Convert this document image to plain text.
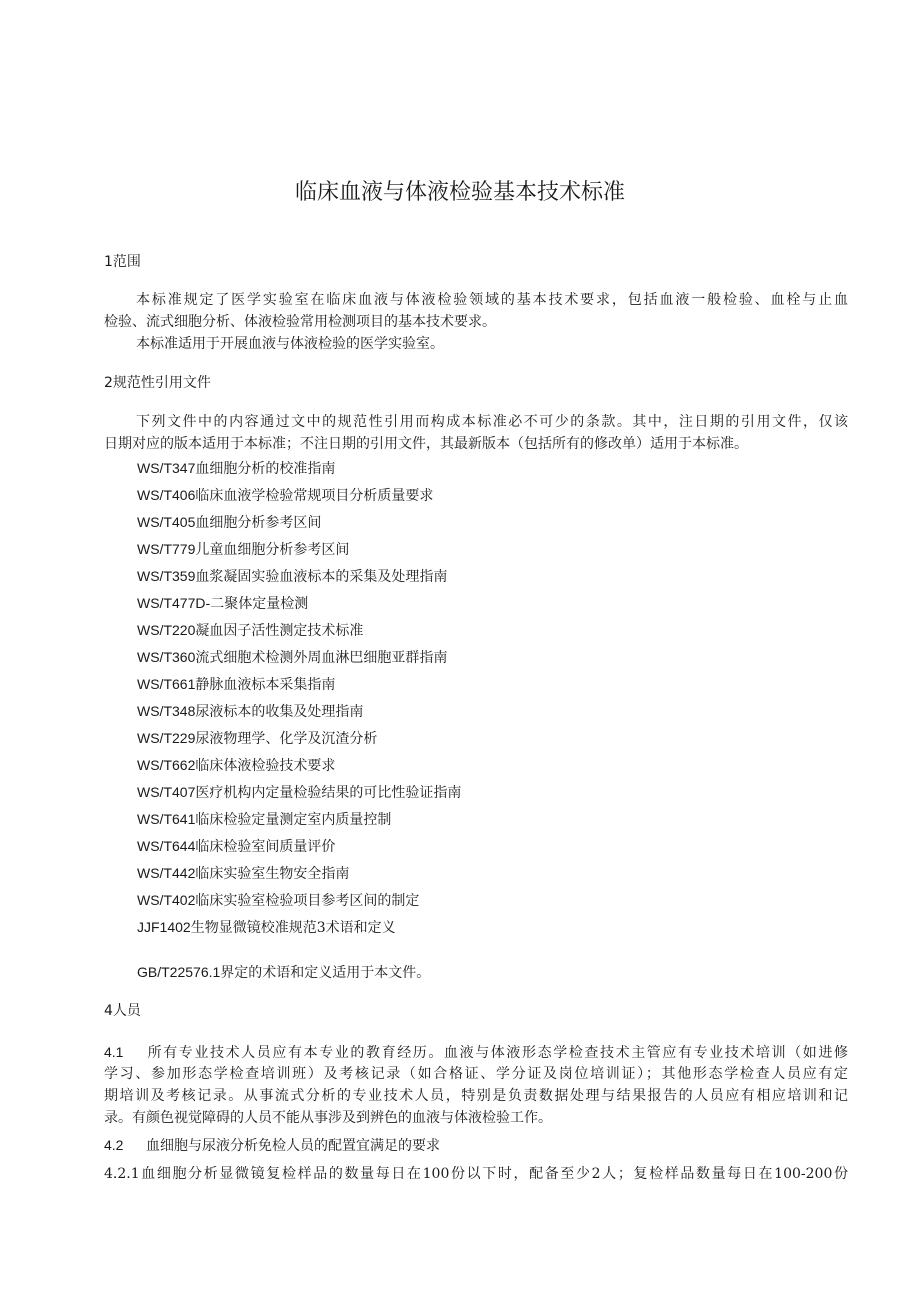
临床血液与体液检验基本技术标准
1范围
本标准规定了医学实验室在临床血液与体液检验领域的基本技术要求，包括血液一般检验、血栓与止血
检验、流式细胞分析、体液检验常用检测项目的基本技术要求。
本标准适用于开展血液与体液检验的医学实验室。
2规范性引用文件
下列文件中的内容通过文中的规范性引用而构成本标准必不可少的条款。其中，注日期的引用文件，仅该
日期对应的版本适用于本标准；不注日期的引用文件，其最新版本（包括所有的修改单）适用于本标准。
WS/T347血细胞分析的校准指南
WS/T406临床血液学检验常规项目分析质量要求
WS/T405血细胞分析参考区间
WS/T779儿童血细胞分析参考区间
WS/T359血浆凝固实验血液标本的采集及处理指南
WS/T477D-二聚体定量检测
WS/T220凝血因子活性测定技术标准
WS/T360流式细胞术检测外周血淋巴细胞亚群指南
WS/T661静脉血液标本采集指南
WS/T348尿液标本的收集及处理指南
WS/T229尿液物理学、化学及沉渣分析
WS/T662临床体液检验技术要求
WS/T407医疗机构内定量检验结果的可比性验证指南
WS/T641临床检验定量测定室内质量控制
WS/T644临床检验室间质量评价
WS/T442临床实验室生物安全指南
WS/T402临床实验室检验项目参考区间的制定
JJF1402生物显微镜校准规范3术语和定义
GB/T22576.1界定的术语和定义适用于本文件。
4人员
4.1 所有专业技术人员应有本专业的教育经历。血液与体液形态学检查技术主管应有专业技术培训（如进修
学习、参加形态学检查培训班）及考核记录（如合格证、学分证及岗位培训证）；其他形态学检查人员应有定
期培训及考核记录。从事流式分析的专业技术人员，特别是负责数据处理与结果报告的人员应有相应培训和记
录。有颜色视觉障碍的人员不能从事涉及到辨色的血液与体液检验工作。
4.2 血细胞与尿液分析免检人员的配置宜满足的要求
4.2.1血细胞分析显微镜复检样品的数量每日在100份以下时，配备至少2人；复检样品数量每日在100-200份
